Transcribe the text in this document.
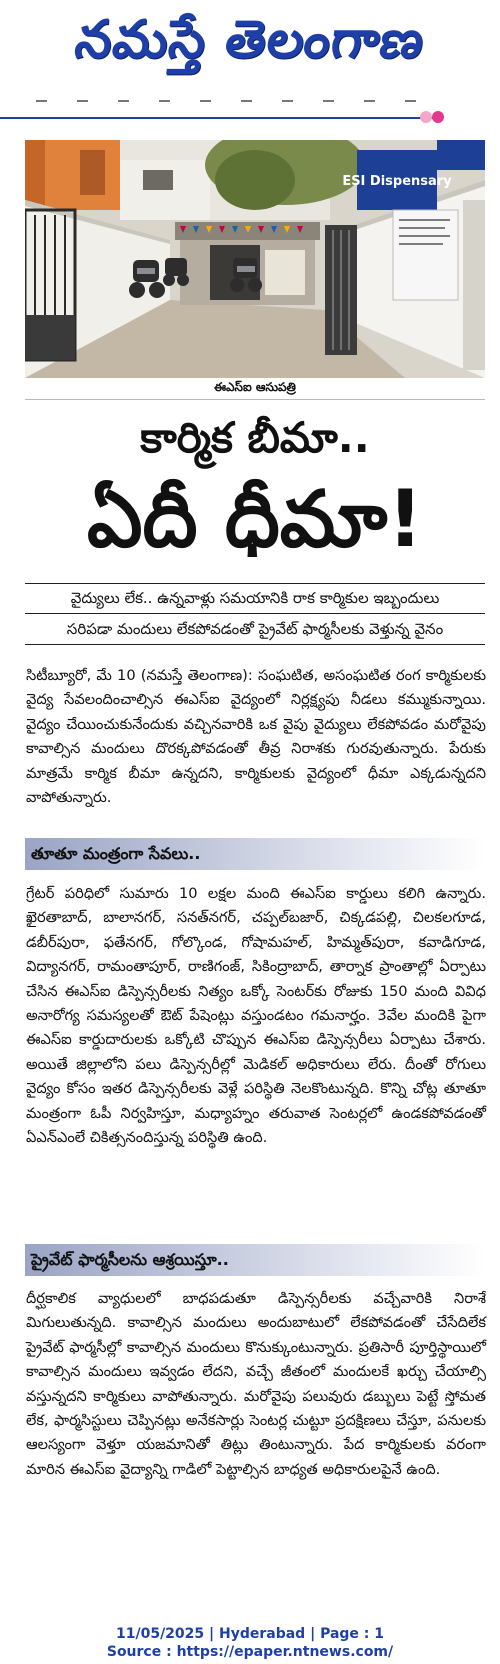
నమస్తే తెలంగాణ
ESI Dispensary
ఈఎస్ఐ ఆసుపత్రి
కార్మిక బీమా..
ఏదీ ధీమా!
వైద్యులు లేక.. ఉన్నవాళ్లు సమయానికి రాక కార్మికుల ఇబ్బందులు
సరిపడా మందులు లేకపోవడంతో ప్రైవేట్ ఫార్మసీలకు వెళ్తున్న వైనం
సిటీబ్యూరో, మే 10 (నమస్తే తెలంగాణ): సంఘటిత, అసంఘటిత రంగ కార్మికులకు వైద్య సేవలందించాల్సిన ఈఎస్ఐ వైద్యంలో నిర్లక్ష్యపు నీడలు కమ్ముకున్నాయి. వైద్యం చేయించుకునేందుకు వచ్చినవారికి ఒక వైపు వైద్యులు లేకపోవడం మరోవైపు కావాల్సిన మందులు దొరక్కపోవడంతో తీవ్ర నిరాశకు గురవుతున్నారు. పేరుకు మాత్రమే కార్మిక బీమా ఉన్నదని, కార్మికులకు వైద్యంలో ధీమా ఎక్కడున్నదని వాపోతున్నారు.
తూతూ మంత్రంగా సేవలు..
గ్రేటర్ పరిధిలో సుమారు 10 లక్షల మంది ఈఎస్ఐ కార్డులు కలిగి ఉన్నారు. ఖైరతాబాద్, బాలానగర్, సనత్‌నగర్, చప్పల్‌బజార్, చిక్కడపల్లి, చిలకలగూడ, డబీర్‌పురా, ఫతేనగర్, గోల్కొండ, గోషామహల్, హిమ్మత్‌పురా, కవాడిగూడ, విద్యానగర్, రామంతాపూర్, రాణిగంజ్, సికింద్రాబాద్, తార్నాక ప్రాంతాల్లో ఏర్పాటు చేసిన ఈఎస్ఐ డిస్పెన్సరీలకు నిత్యం ఒక్కో సెంటర్‌కు రోజుకు 150 మంది వివిధ అనారోగ్య సమస్యలతో ఔట్ పేషెంట్లు వస్తుండటం గమనార్హం. 3వేల మందికి పైగా ఈఎస్ఐ కార్డుదారులకు ఒక్కోటి చొప్పున ఈఎస్ఐ డిస్పెన్సరీలు ఏర్పాటు చేశారు. అయితే జిల్లాలోని పలు డిస్పెన్సరీల్లో మెడికల్ అధికారులు లేరు. దీంతో రోగులు వైద్యం కోసం ఇతర డిస్పెన్సరీలకు వెళ్లే పరిస్థితి నెలకొంటున్నది. కొన్ని చోట్ల తూతూ మంత్రంగా ఓపీ నిర్వహిస్తూ, మధ్యాహ్నం తరువాత సెంటర్లలో ఉండకపోవడంతో ఏఎన్ఎంలే చికిత్సనందిస్తున్న పరిస్థితి ఉంది.
ప్రైవేట్ ఫార్మసీలను ఆశ్రయిస్తూ..
దీర్ఘకాలిక వ్యాధులలో బాధపడుతూ డిస్పెన్సరీలకు వచ్చేవారికి నిరాశే మిగులుతున్నది. కావాల్సిన మందులు అందుబాటులో లేకపోవడంతో చేసేదిలేక ప్రైవేట్ ఫార్మసీల్లో కావాల్సిన మందులు కొనుక్కుంటున్నారు. ప్రతిసారీ పూర్తిస్థాయిలో కావాల్సిన మందులు ఇవ్వడం లేదని, వచ్చే జీతంలో మందులకే ఖర్చు చేయాల్సి వస్తున్నదని కార్మికులు వాపోతున్నారు. మరోవైపు పలువురు డబ్బులు పెట్టే స్తోమత లేక, ఫార్మసిస్టులు చెప్పినట్లు అనేకసార్లు సెంటర్ల చుట్టూ ప్రదక్షిణలు చేస్తూ, పనులకు ఆలస్యంగా వెళ్తూ యజమానితో తిట్లు తింటున్నారు. పేద కార్మికులకు వరంగా మారిన ఈఎస్ఐ వైద్యాన్ని గాడిలో పెట్టాల్సిన బాధ్యత అధికారులపైనే ఉంది.
11/05/2025 | Hyderabad | Page : 1
Source : https://epaper.ntnews.com/
